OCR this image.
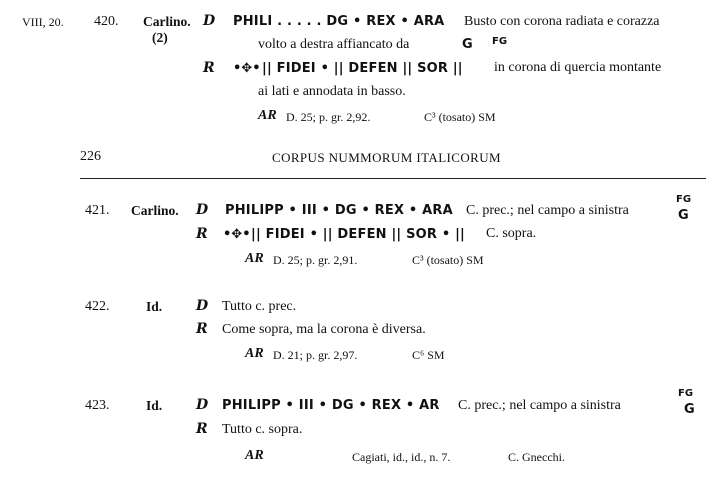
VIII, 20. 420. Carlino.
(2)
D PHILI . . . . . DG • REX • ARA Busto con corona radiata e corazza
volto a destra affiancato da	G FG
R •✥• || FIDEI • || DEFEN || SOR || in corona di quercia montante
ai lati e annodata in basso.
AR D. 25; p. gr. 2,92.	C³ (tosato) SM
226	CORPUS NUMMORUM ITALICORUM
421. Carlino. D PHILIPP • III • DG • REX • ARA C. prec.; nel campo a sinistra
FG
G
R •✥• || FIDEI • || DEFEN || SOR • || C. sopra.
AR D. 25; p. gr. 2,91.	C³ (tosato) SM
422.	Id. D Tutto c. prec.
R Come sopra, ma la corona è diversa.
AR D. 21; p. gr. 2,97.	C⁶ SM
423.	Id. D PHILIPP • III • DG • REX • AR C. prec.; nel campo a sinistra
FG
G
R Tutto c. sopra.
AR	Cagiati, id., id., n. 7.	C. Gnecchi.
